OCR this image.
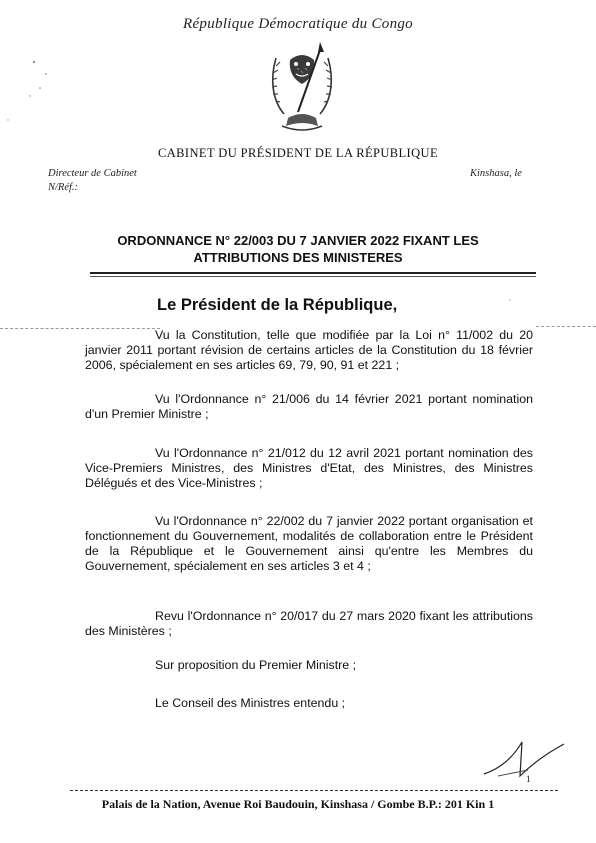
République Démocratique du Congo
CABINET DU PRÉSIDENT DE LA RÉPUBLIQUE
Directeur de Cabinet
N/Réf.:
Kinshasa, le
ORDONNANCE N° 22/003 DU 7 JANVIER 2022 FIXANT LES
ATTRIBUTIONS DES MINISTERES
Le Président de la République,
Vu la Constitution, telle que modifiée par la Loi n° 11/002 du 20 janvier 2011 portant révision de certains articles de la Constitution du 18 février 2006, spécialement en ses articles 69, 79, 90, 91 et 221 ;
Vu l'Ordonnance n° 21/006 du 14 février 2021 portant nomination d'un Premier Ministre ;
Vu l'Ordonnance n° 21/012 du 12 avril 2021 portant nomination des Vice-Premiers Ministres, des Ministres d'Etat, des Ministres, des Ministres Délégués et des Vice-Ministres ;
Vu l'Ordonnance n° 22/002 du 7 janvier 2022 portant organisation et fonctionnement du Gouvernement, modalités de collaboration entre le Président de la République et le Gouvernement ainsi qu'entre les Membres du Gouvernement, spécialement en ses articles 3 et 4 ;
Revu l'Ordonnance n° 20/017 du 27 mars 2020 fixant les attributions des Ministères ;
Sur proposition du Premier Ministre ;
Le Conseil des Ministres entendu ;
1
Palais de la Nation, Avenue Roi Baudouin, Kinshasa / Gombe B.P.: 201 Kin 1
